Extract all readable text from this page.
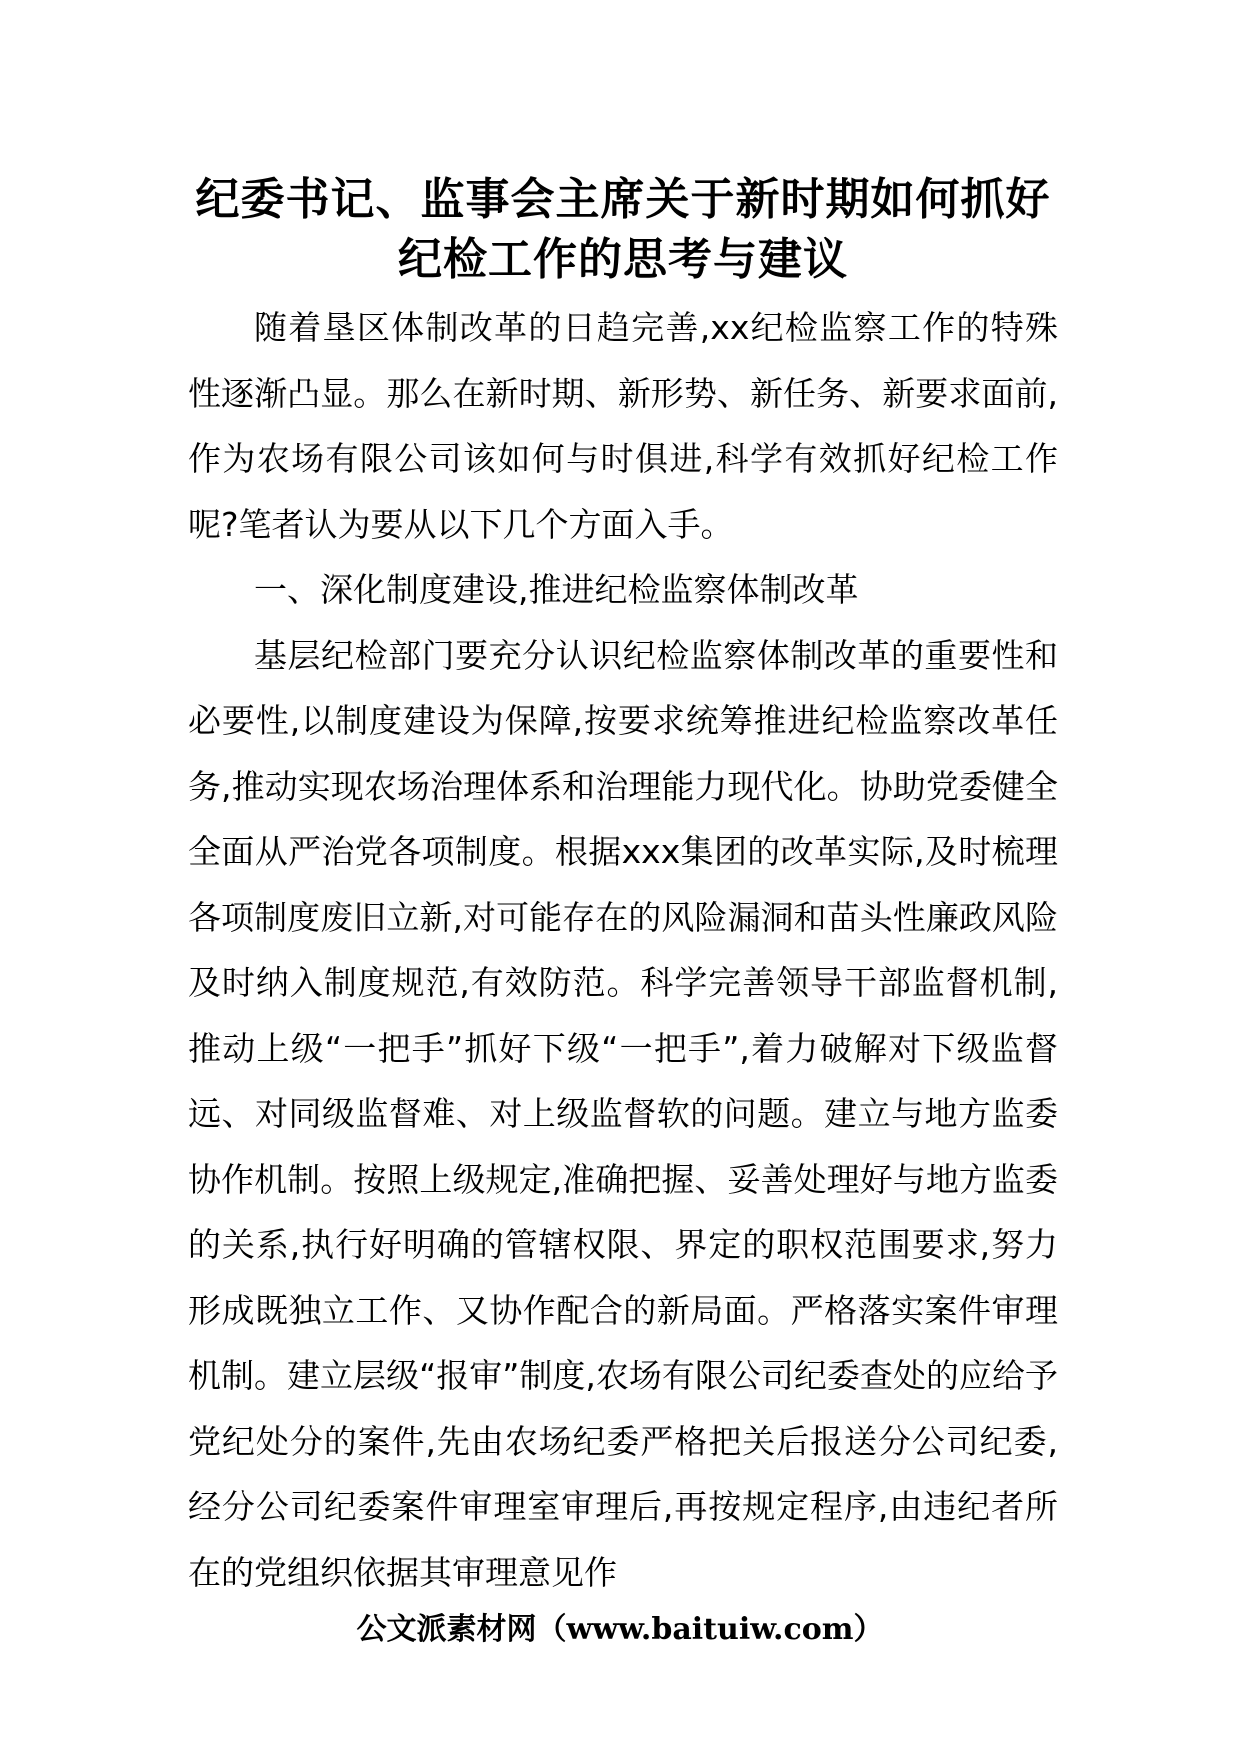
纪委书记、监事会主席关于新时期如何抓好纪检工作的思考与建议

随着垦区体制改革的日趋完善,xx纪检监察工作的特殊性逐渐凸显。那么在新时期、新形势、新任务、新要求面前,作为农场有限公司该如何与时俱进,科学有效抓好纪检工作呢?笔者认为要从以下几个方面入手。

一、深化制度建设,推进纪检监察体制改革

基层纪检部门要充分认识纪检监察体制改革的重要性和必要性,以制度建设为保障,按要求统筹推进纪检监察改革任务,推动实现农场治理体系和治理能力现代化。协助党委健全全面从严治党各项制度。根据xxx集团的改革实际,及时梳理各项制度废旧立新,对可能存在的风险漏洞和苗头性廉政风险及时纳入制度规范,有效防范。科学完善领导干部监督机制,推动上级“一把手”抓好下级“一把手”,着力破解对下级监督远、对同级监督难、对上级监督软的问题。建立与地方监委协作机制。按照上级规定,准确把握、妥善处理好与地方监委的关系,执行好明确的管辖权限、界定的职权范围要求,努力形成既独立工作、又协作配合的新局面。严格落实案件审理机制。建立层级“报审”制度,农场有限公司纪委查处的应给予党纪处分的案件,先由农场纪委严格把关后报送分公司纪委,经分公司纪委案件审理室审理后,再按规定程序,由违纪者所在的党组织依据其审理意见作

公文派素材网（www.baituiw.com）
